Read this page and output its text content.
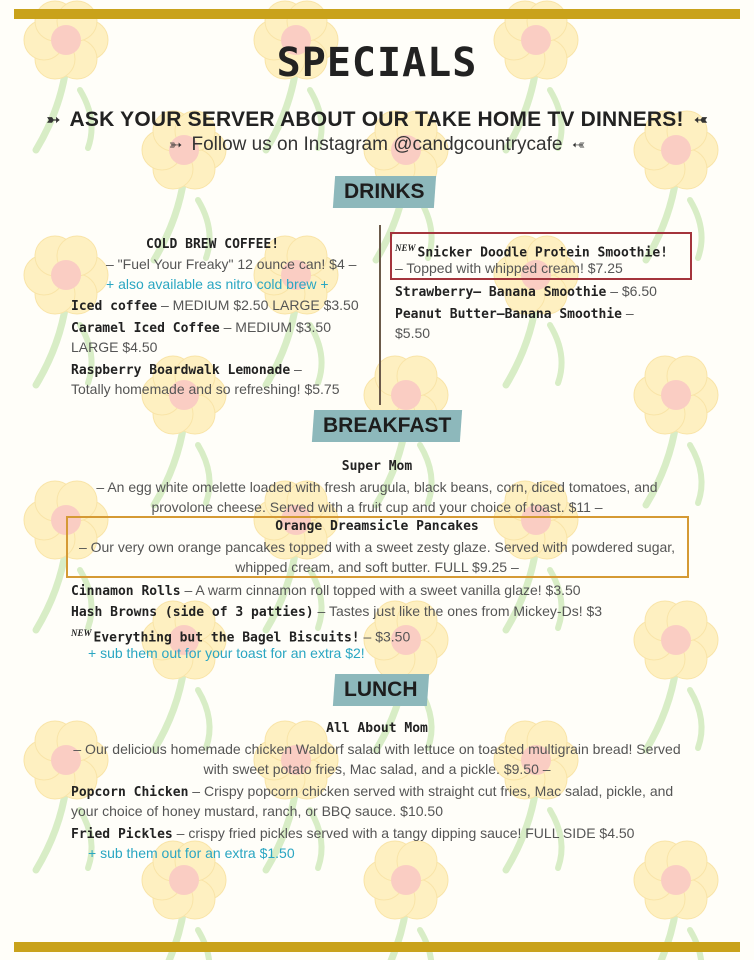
SPECIALS
➳ ASK YOUR SERVER ABOUT OUR TAKE HOME TV DINNERS! ➳
➳ Follow us on Instagram @candgcountrycafe ➳
DRINKS
COLD BREW COFFEE!
– "Fuel Your Freaky" 12 ounce can! $4 –
+ also available as nitro cold brew +
Iced coffee – MEDIUM $2.50 LARGE $3.50
Caramel Iced Coffee – MEDIUM $3.50
LARGE $4.50
Raspberry Boardwalk Lemonade –
Totally homemade and so refreshing! $5.75
$^{NEW}$ Snicker Doodle Protein Smoothie!
– Topped with whipped cream! $7.25
Strawberry– Banana Smoothie – $6.50
Peanut Butter–Banana Smoothie –
$5.50
BREAKFAST
Super Mom
– An egg white omelette loaded with fresh arugula, black beans, corn, diced tomatoes, and
provolone cheese. Served with a fruit cup and your choice of toast. $11 –
Orange Dreamsicle Pancakes
– Our very own orange pancakes topped with a sweet zesty glaze. Served with powdered sugar,
whipped cream, and soft butter. FULL $9.25 –
Cinnamon Rolls – A warm cinnamon roll topped with a sweet vanilla glaze! $3.50
Hash Browns (side of 3 patties) – Tastes just like the ones from Mickey-Ds! $3
$^{NEW}$ Everything but the Bagel Biscuits! – $3.50
+ sub them out for your toast for an extra $2!
LUNCH
All About Mom
– Our delicious homemade chicken Waldorf salad with lettuce on toasted multigrain bread! Served
with sweet potato fries, Mac salad, and a pickle. $9.50 –
Popcorn Chicken – Crispy popcorn chicken served with straight cut fries, Mac salad, pickle, and
your choice of honey mustard, ranch, or BBQ sauce. $10.50
Fried Pickles – crispy fried pickles served with a tangy dipping sauce! FULL SIDE $4.50
+ sub them out for an extra $1.50
